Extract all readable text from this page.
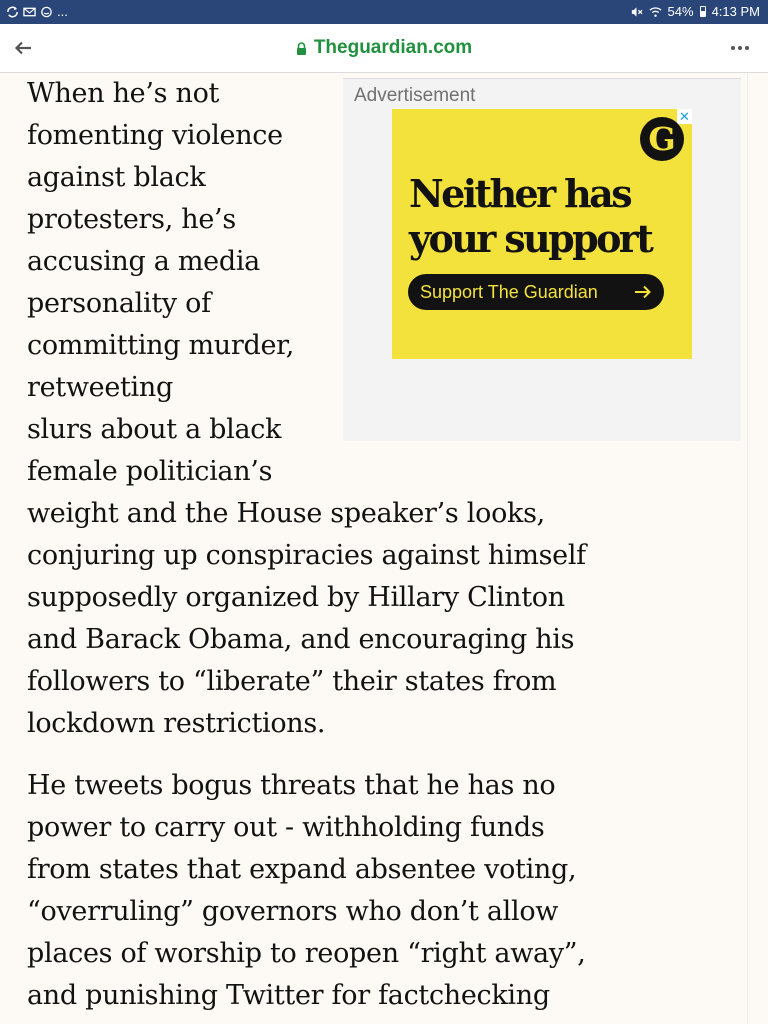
...	54% 4:13 PM
Theguardian.com

When he’s not
fomenting violence
against black
protesters, he’s
accusing a media
personality of
committing murder,
retweeting
slurs about a black
female politician’s
weight and the House speaker’s looks,
conjuring up conspiracies against himself
supposedly organized by Hillary Clinton
and Barack Obama, and encouraging his
followers to “liberate” their states from
lockdown restrictions.

He tweets bogus threats that he has no
power to carry out - withholding funds
from states that expand absentee voting,
“overruling” governors who don’t allow
places of worship to reopen “right away”,
and punishing Twitter for factchecking

Advertisement
✕
G
Neither has
your support
Support The Guardian
